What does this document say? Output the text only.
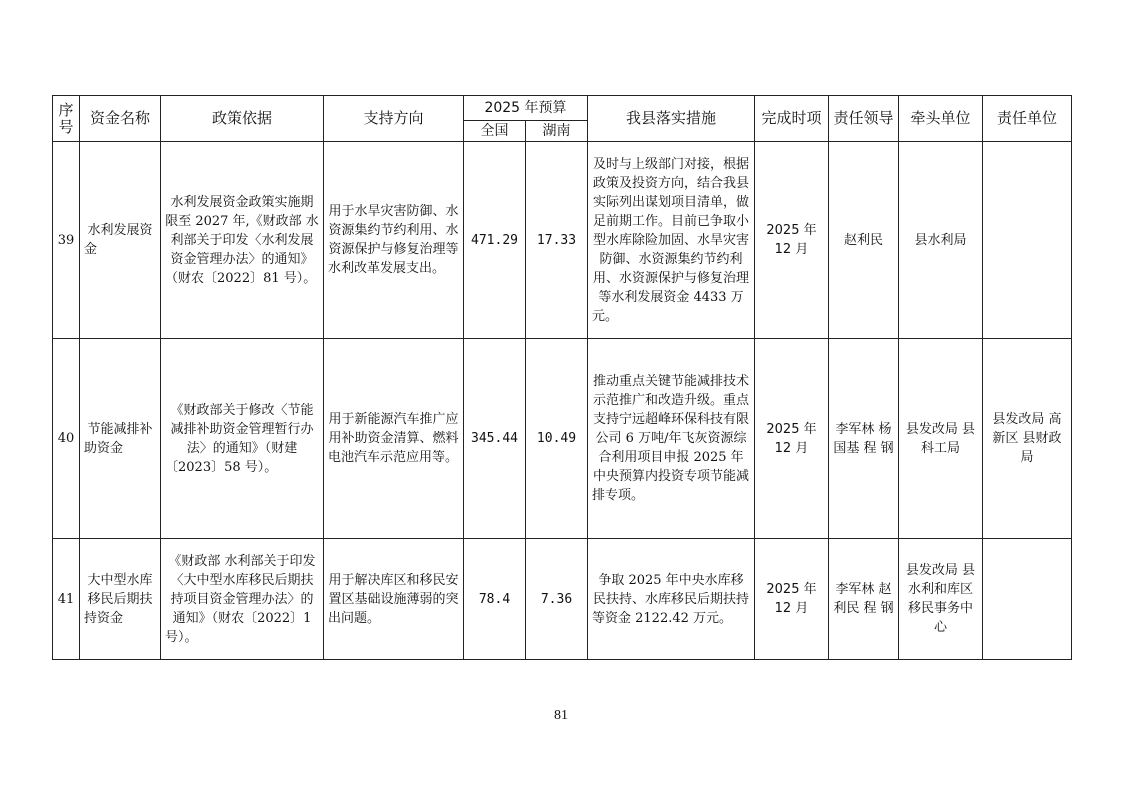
序号	资金名称	政策依据	支持方向	2025 年预算		我县落实措施	完成时项	责任领导	牵头单位	责任单位
				全国	湖南					
39	水利发展资金	水利发展资金政策实施期限至 2027 年,《财政部 水利部关于印发〈水利发展资金管理办法〉的通知》（财农〔2022〕81 号）。	用于水旱灾害防御、水资源集约节约利用、水资源保护与修复治理等水利改革发展支出。	471.29	17.33	及时与上级部门对接，根据政策及投资方向，结合我县实际列出谋划项目清单，做足前期工作。目前已争取小型水库除险加固、水旱灾害防御、水资源集约节约利用、水资源保护与修复治理等水利发展资金 4433 万元。	2025 年 12 月	赵利民	县水利局	
40	节能减排补助资金	《财政部关于修改〈节能减排补助资金管理暂行办法〉的通知》（财建〔2023〕58 号）。	用于新能源汽车推广应用补助资金清算、燃料电池汽车示范应用等。	345.44	10.49	推动重点关键节能减排技术示范推广和改造升级。重点支持宁远超峰环保科技有限公司 6 万吨/年飞灰资源综合利用项目申报 2025 年中央预算内投资专项节能减排专项。	2025 年 12 月	李军林 杨国基 程 钢	县发改局 县科工局	县发改局 高新区 县财政局
41	大中型水库移民后期扶持资金	《财政部 水利部关于印发〈大中型水库移民后期扶持项目资金管理办法〉的通知》（财农〔2022〕1 号）。	用于解决库区和移民安置区基础设施薄弱的突出问题。	78.4	7.36	争取 2025 年中央水库移民扶持、水库移民后期扶持等资金 2122.42 万元。	2025 年 12 月	李军林 赵利民 程 钢	县发改局 县水利和库区移民事务中心	
81
